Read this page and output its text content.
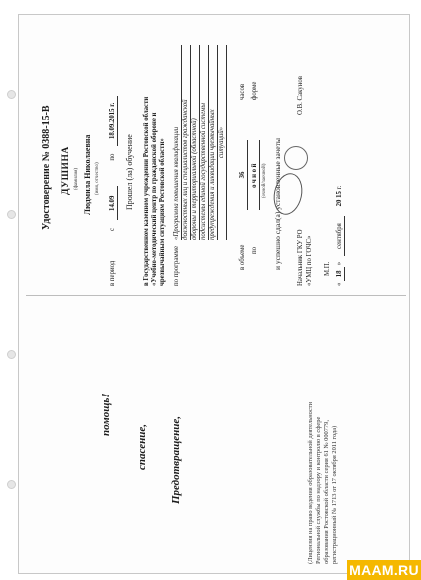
Удостоверение № 0388-15-В ДУШИНА (фамилия) Людмила Николаевна (имя, отчество)
в период с 14.09 по 18.09.2015 г.
Прошел (ла) обучение в Государственном казенном учреждении Ростовской области «Учебно-методический центр по гражданской обороне и чрезвычайным ситуациям Ростовской области» по программе
«Программа повышения квалификации должностных лиц и специалистов гражданской обороны и территориальной (областной) подсистемы единой государственной системы предупреждения и ликвидации чрезвычайных ситуаций»
в объеме
36
часов
по
очной
форме
(очной/заочной) и успешно сдал(а) установленные зачеты Начальник ГКУ РО «УМЦ по ГОЧС»
О.В. Сакунов
М.П.
« 18 » сентября 20 15 г.
помощь!
спасение, Предотвращение,	(Лицензия на право ведения образовательной деятельности Региональной службы по надзору и контролю в сфере образования Ростовской области серия 61 № 000779, регистрационный № 1713 от 17 октября 2011 года)
MAAM.RU
